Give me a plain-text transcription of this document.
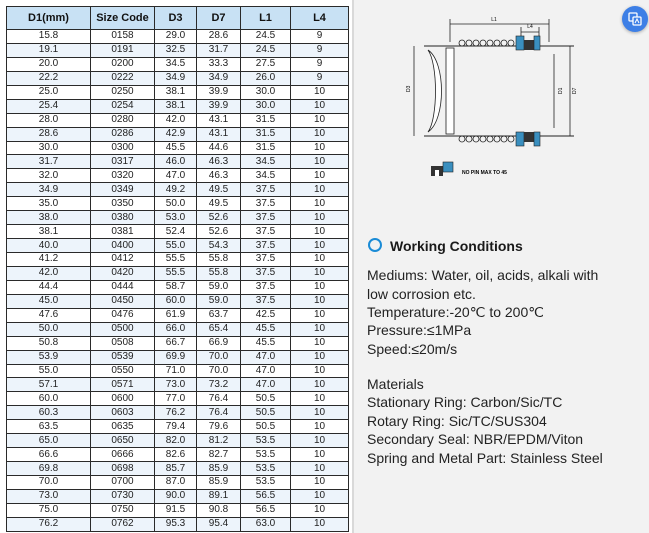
D1(mm)	Size Code	D3	D7	L1	L4
15.8	0158	29.0	28.6	24.5	9
19.1	0191	32.5	31.7	24.5	9
20.0	0200	34.5	33.3	27.5	9
22.2	0222	34.9	34.9	26.0	9
25.0	0250	38.1	39.9	30.0	10
25.4	0254	38.1	39.9	30.0	10
28.0	0280	42.0	43.1	31.5	10
28.6	0286	42.9	43.1	31.5	10
30.0	0300	45.5	44.6	31.5	10
31.7	0317	46.0	46.3	34.5	10
32.0	0320	47.0	46.3	34.5	10
34.9	0349	49.2	49.5	37.5	10
35.0	0350	50.0	49.5	37.5	10
38.0	0380	53.0	52.6	37.5	10
38.1	0381	52.4	52.6	37.5	10
40.0	0400	55.0	54.3	37.5	10
41.2	0412	55.5	55.8	37.5	10
42.0	0420	55.5	55.8	37.5	10
44.4	0444	58.7	59.0	37.5	10
45.0	0450	60.0	59.0	37.5	10
47.6	0476	61.9	63.7	42.5	10
50.0	0500	66.0	65.4	45.5	10
50.8	0508	66.7	66.9	45.5	10
53.9	0539	69.9	70.0	47.0	10
55.0	0550	71.0	70.0	47.0	10
57.1	0571	73.0	73.2	47.0	10
60.0	0600	77.0	76.4	50.5	10
60.3	0603	76.2	76.4	50.5	10
63.5	0635	79.4	79.6	50.5	10
65.0	0650	82.0	81.2	53.5	10
66.6	0666	82.6	82.7	53.5	10
69.8	0698	85.7	85.9	53.5	10
70.0	0700	87.0	85.9	53.5	10
73.0	0730	90.0	89.1	56.5	10
75.0	0750	91.5	90.8	56.5	10
76.2	0762	95.3	95.4	63.0	10
L1
L4
D3	D1 D7
NO PIN MAX TO 45
Working Conditions
Mediums: Water, oil, acids, alkali with
low corrosion etc.
Temperature:-20℃ to 200℃
Pressure:≤1MPa
Speed:≤20m/s
Materials
Stationary Ring: Carbon/Sic/TC
Rotary Ring: Sic/TC/SUS304
Secondary Seal: NBR/EPDM/Viton
Spring and Metal Part: Stainless Steel
